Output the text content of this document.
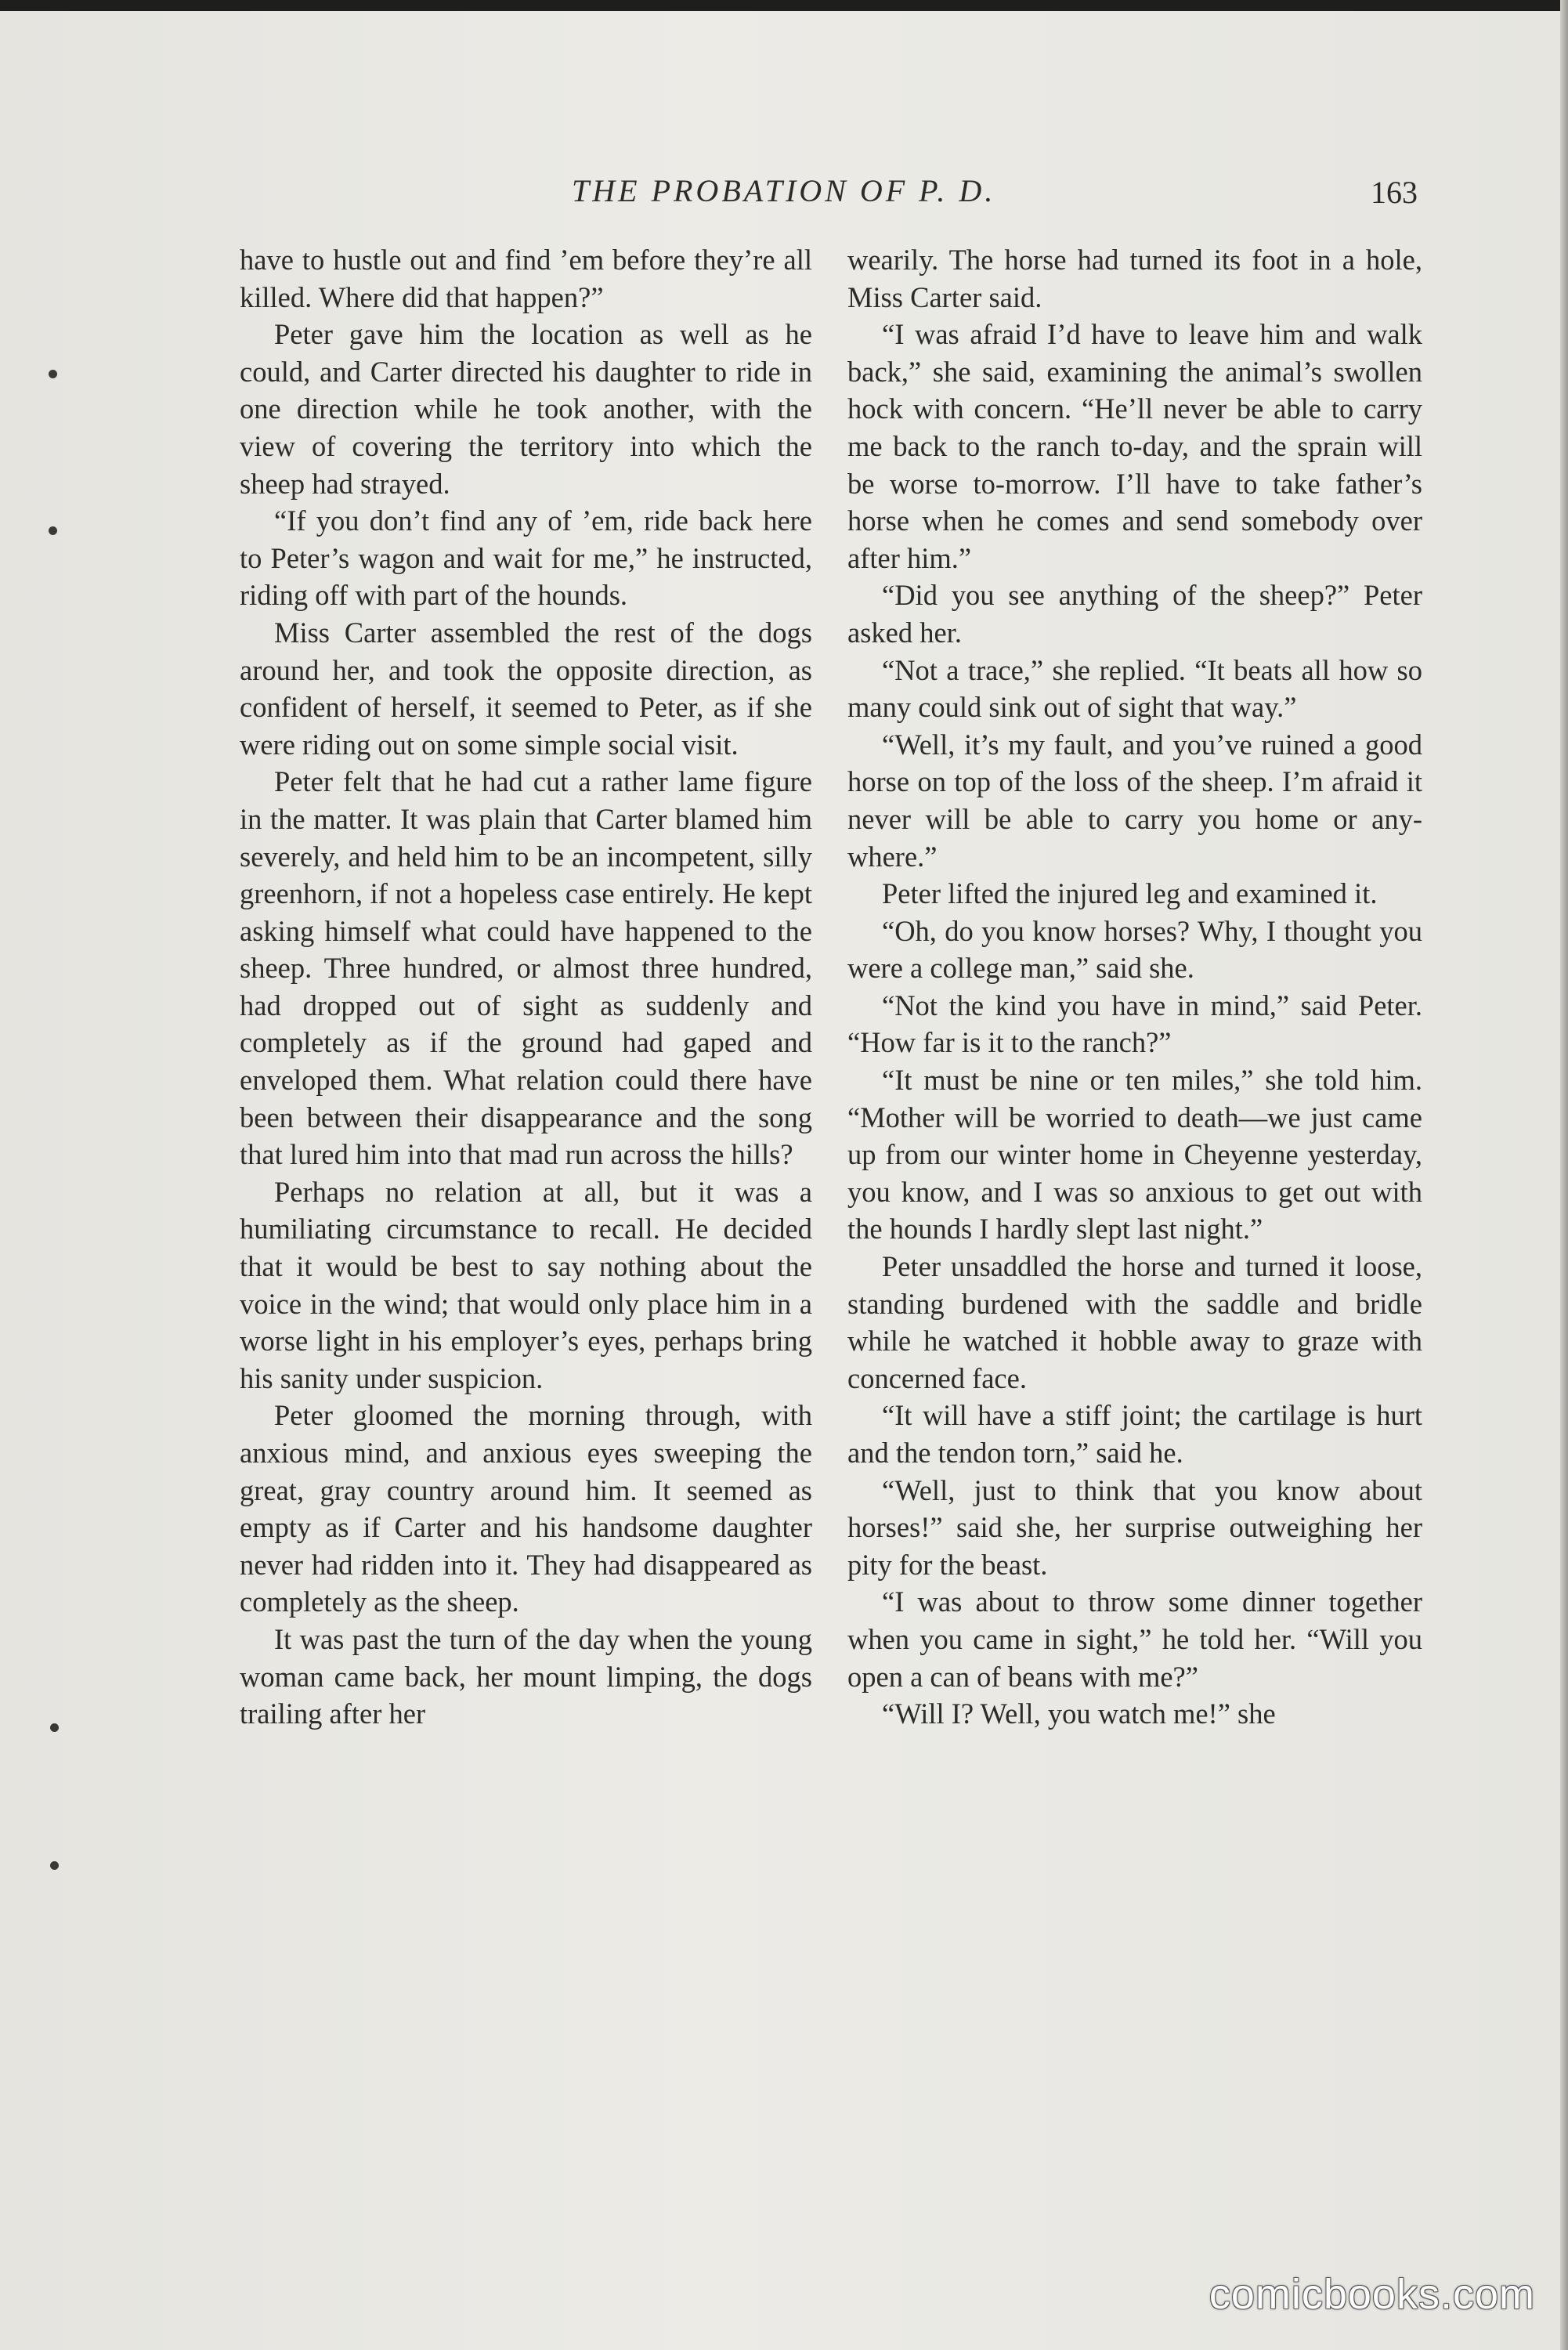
THE PROBATION OF P. D.	163

have to hustle out and find ’em before they’re all killed. Where did that happen?”

Peter gave him the location as well as he could, and Carter directed his daughter to ride in one direction while he took another, with the view of covering the territory into which the sheep had strayed.

“If you don’t find any of ’em, ride back here to Peter’s wagon and wait for me,” he instructed, riding off with part of the hounds.

Miss Carter assembled the rest of the dogs around her, and took the opposite direction, as confident of herself, it seemed to Peter, as if she were riding out on some simple social visit.

Peter felt that he had cut a rather lame figure in the matter. It was plain that Carter blamed him severely, and held him to be an incompetent, silly greenhorn, if not a hopeless case entirely. He kept asking himself what could have happened to the sheep. Three hundred, or almost three hundred, had dropped out of sight as suddenly and completely as if the ground had gaped and enveloped them. What relation could there have been between their disappearance and the song that lured him into that mad run across the hills?

Perhaps no relation at all, but it was a humiliating circumstance to recall. He decided that it would be best to say nothing about the voice in the wind; that would only place him in a worse light in his employer’s eyes, perhaps bring his sanity under suspicion.

Peter gloomed the morning through, with anxious mind, and anxious eyes sweeping the great, gray country around him. It seemed as empty as if Carter and his handsome daughter never had ridden into it. They had disappeared as completely as the sheep.

It was past the turn of the day when the young woman came back, her mount limping, the dogs trailing after her

wearily. The horse had turned its foot in a hole, Miss Carter said.

“I was afraid I’d have to leave him and walk back,” she said, examining the animal’s swollen hock with concern. “He’ll never be able to carry me back to the ranch to-day, and the sprain will be worse to-morrow. I’ll have to take father’s horse when he comes and send somebody over after him.”

“Did you see anything of the sheep?” Peter asked her.

“Not a trace,” she replied. “It beats all how so many could sink out of sight that way.”

“Well, it’s my fault, and you’ve ruined a good horse on top of the loss of the sheep. I’m afraid it never will be able to carry you home or anywhere.”

Peter lifted the injured leg and examined it.

“Oh, do you know horses? Why, I thought you were a college man,” said she.

“Not the kind you have in mind,” said Peter. “How far is it to the ranch?”

“It must be nine or ten miles,” she told him. “Mother will be worried to death—we just came up from our winter home in Cheyenne yesterday, you know, and I was so anxious to get out with the hounds I hardly slept last night.”

Peter unsaddled the horse and turned it loose, standing burdened with the saddle and bridle while he watched it hobble away to graze with concerned face.

“It will have a stiff joint; the cartilage is hurt and the tendon torn,” said he.

“Well, just to think that you know about horses!” said she, her surprise outweighing her pity for the beast.

“I was about to throw some dinner together when you came in sight,” he told her. “Will you open a can of beans with me?”

“Will I? Well, you watch me!” she

comicbooks.com
